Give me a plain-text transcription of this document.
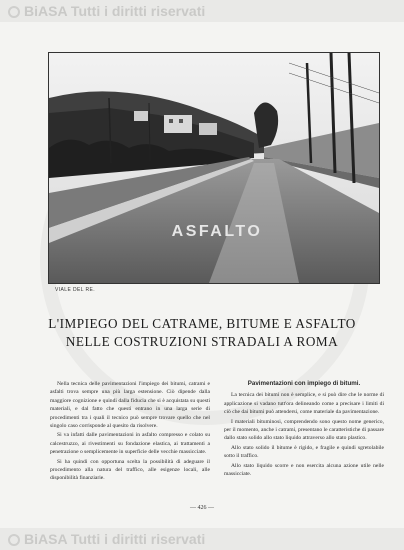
BiASA Tutti i diritti riservati
ASFALTO
VIALE DEL RE.
L'IMPIEGO DEL CATRAME, BITUME E ASFALTO
NELLE COSTRUZIONI STRADALI A ROMA

Nella tecnica delle pavimentazioni l'impiego dei bitumi, catrami e asfalti trova sempre una più larga estensione. Ciò dipende dalla maggiore cognizione e quindi dalla fiducia che si è acquistata su questi materiali, e dal fatto che questi entrano in una larga serie di procedimenti tra i quali il tecnico può sempre trovare quello che nel singolo caso corrisponde al quesito da risolvere.

Si va infatti dalle pavimentazioni in asfalto compresso e colato su calcestruzzo, ai rivestimenti su fondazione elastica, ai trattamenti a penetrazione o semplicemente in superficie delle vecchie massicciate.

Si ha quindi con opportuna scelta la possibilità di adeguare il procedimento alla natura del traffico, alle esigenze locali, alle disponibilità finanziarie.

Pavimentazioni con impiego di bitumi.

La tecnica dei bitumi non è semplice, e si può dire che le norme di applicazione si vadano tutt'ora delineando come a precisare i limiti di ciò che dai bitumi può attendersi, come materiale da pavimentazione.

I materiali bituminosi, comprendendo sono questo nome generico, per il momento, anche i catrami, presentano le caratteristiche di passare dallo stato solido allo stato liquido attraverso allo stato plastico.

Allo stato solido il bitume è rigido, e fragile e quindi sgretolabile sotto il traffico.

Allo stato liquido scorre e non esercita alcuna azione utile nelle massicciate.

— 426 —
BiASA Tutti i diritti riservati
